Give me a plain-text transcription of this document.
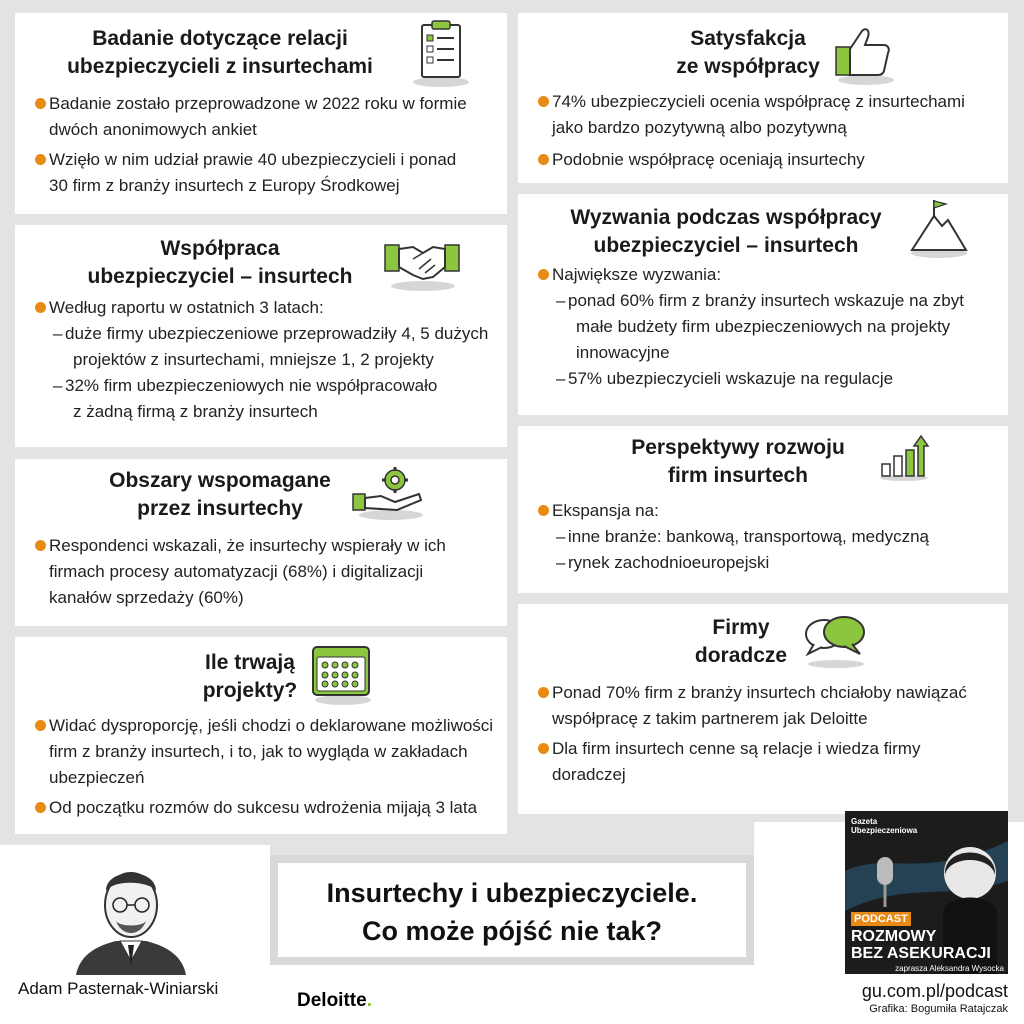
Badanie dotyczące relacji
ubezpieczycieli z insurtechami
Badanie zostało przeprowadzone w 2022 roku w formie
dwóch anonimowych ankiet
Wzięło w nim udział prawie 40 ubezpieczycieli i ponad
30 firm z branży insurtech z Europy Środkowej
Współpraca
ubezpieczyciel – insurtech
Według raportu w ostatnich 3 latach:
– duże firmy ubezpieczeniowe przeprowadziły 4, 5 dużych
projektów z insurtechami, mniejsze 1, 2 projekty
– 32% firm ubezpieczeniowych nie współpracowało
z żadną firmą z branży insurtech
Obszary wspomagane
przez insurtechy
Respondenci wskazali, że insurtechy wspierały w ich
firmach procesy automatyzacji (68%) i digitalizacji
kanałów sprzedaży (60%)
Ile trwają
projekty?
Widać dysproporcję, jeśli chodzi o deklarowane możliwości
firm z branży insurtech, i to, jak to wygląda w zakładach
ubezpieczeń
Od początku rozmów do sukcesu wdrożenia mijają 3 lata
Satysfakcja
ze współpracy
74% ubezpieczycieli ocenia współpracę z insurtechami
jako bardzo pozytywną albo pozytywną
Podobnie współpracę oceniają insurtechy
Wyzwania podczas współpracy
ubezpieczyciel – insurtech
Największe wyzwania:
– ponad 60% firm z branży insurtech wskazuje na zbyt
małe budżety firm ubezpieczeniowych na projekty
innowacyjne
– 57% ubezpieczycieli wskazuje na regulacje
Perspektywy rozwoju
firm insurtech
Ekspansja na:
– inne branże: bankową, transportową, medyczną
– rynek zachodnioeuropejski
Firmy
doradcze
Ponad 70% firm z branży insurtech chciałoby nawiązać
współpracę z takim partnerem jak Deloitte
Dla firm insurtech cenne są relacje i wiedza firmy
doradczej
Adam Pasternak-Winiarski
Insurtechy i ubezpieczyciele.
Co może pójść nie tak?
Deloitte.
Gazeta
Ubezpieczeniowa
PODCAST
ROZMOWY
BEZ ASEKURACJI
zaprasza Aleksandra Wysocka
gu.com.pl/podcast
Grafika: Bogumiła Ratajczak
